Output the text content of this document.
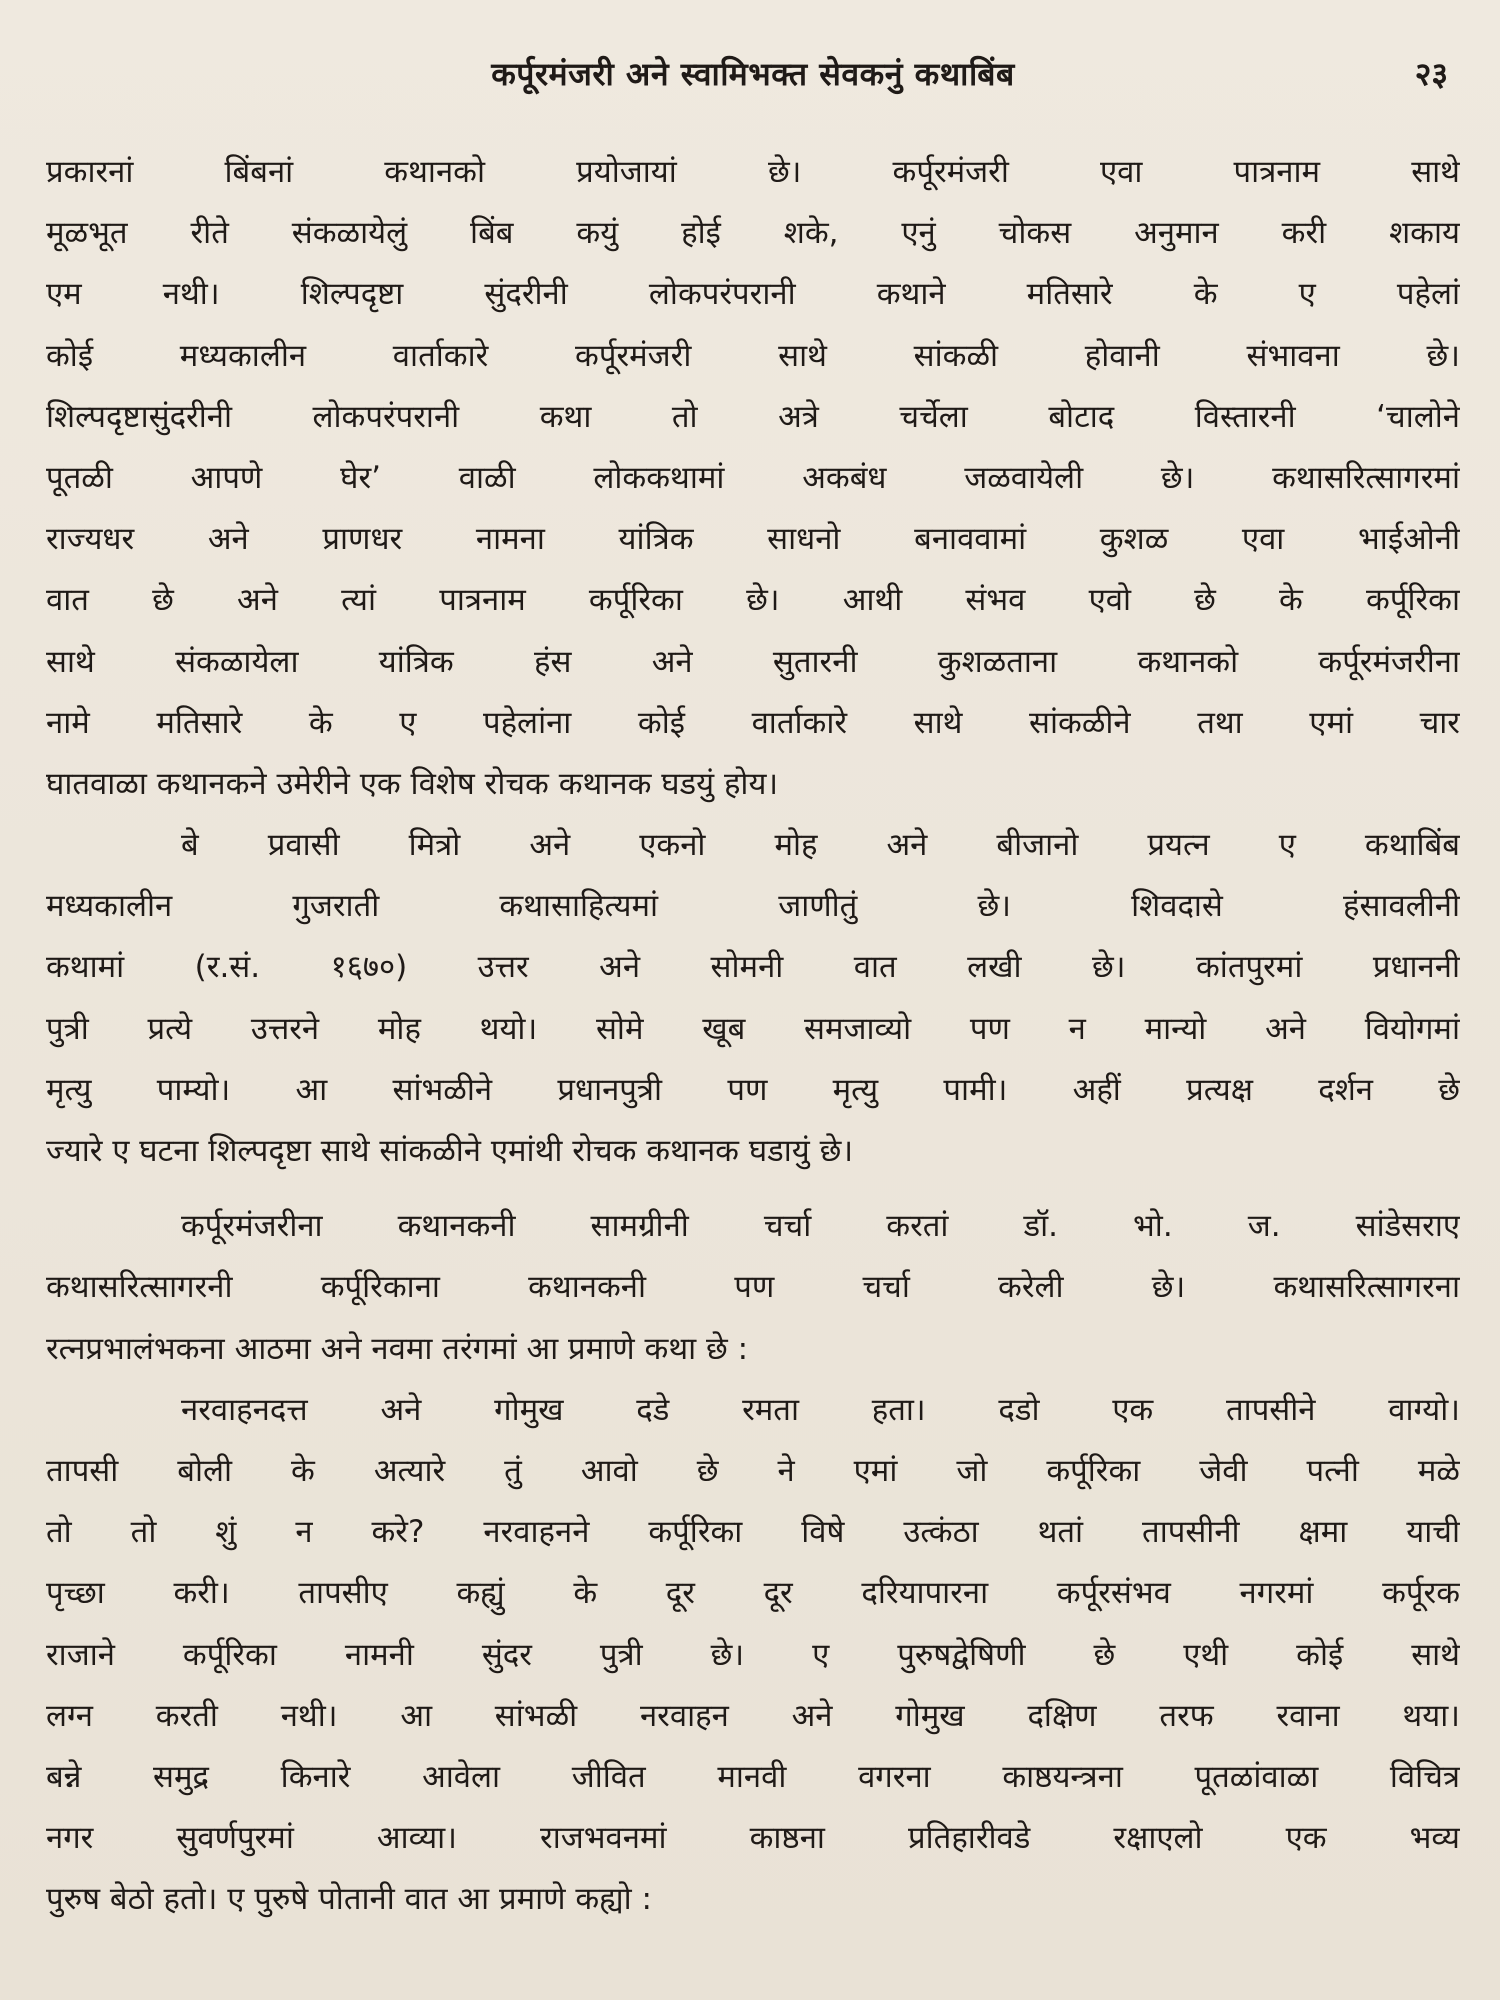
कर्पूरमंजरी अने स्वामिभक्त सेवकनुं कथाबिंब	२३
प्रकारनां बिंबनां कथानको प्रयोजायां छे। कर्पूरमंजरी एवा पात्रनाम साथे
मूळभूत रीते संकळायेलुं बिंब कयुं होई शके, एनुं चोकस अनुमान करी शकाय
एम नथी। शिल्पदृष्टा सुंदरीनी लोकपरंपरानी कथाने मतिसारे के ए पहेलां
कोई मध्यकालीन वार्ताकारे कर्पूरमंजरी साथे सांकळी होवानी संभावना छे।
शिल्पदृष्टासुंदरीनी लोकपरंपरानी कथा तो अत्रे चर्चेला बोटाद विस्तारनी ‘चालोने
पूतळी आपणे घेर’ वाळी लोककथामां अकबंध जळवायेली छे। कथासरित्सागरमां
राज्यधर अने प्राणधर नामना यांत्रिक साधनो बनाववामां कुशळ एवा भाईओनी
वात छे अने त्यां पात्रनाम कर्पूरिका छे। आथी संभव एवो छे के कर्पूरिका
साथे संकळायेला यांत्रिक हंस अने सुतारनी कुशळताना कथानको कर्पूरमंजरीना
नामे मतिसारे के ए पहेलांना कोई वार्ताकारे साथे सांकळीने तथा एमां चार
घातवाळा कथानकने उमेरीने एक विशेष रोचक कथानक घडयुं होय।
बे प्रवासी मित्रो अने एकनो मोह अने बीजानो प्रयत्न ए कथाबिंब
मध्यकालीन गुजराती कथासाहित्यमां जाणीतुं छे। शिवदासे हंसावलीनी
कथामां (र.सं. १६७०) उत्तर अने सोमनी वात लखी छे। कांतपुरमां प्रधाननी
पुत्री प्रत्ये उत्तरने मोह थयो। सोमे खूब समजाव्यो पण न मान्यो अने वियोगमां
मृत्यु पाम्यो। आ सांभळीने प्रधानपुत्री पण मृत्यु पामी। अहीं प्रत्यक्ष दर्शन छे
ज्यारे ए घटना शिल्पदृष्टा साथे सांकळीने एमांथी रोचक कथानक घडायुं छे।
कर्पूरमंजरीना कथानकनी सामग्रीनी चर्चा करतां डॉ. भो. ज. सांडेसराए
कथासरित्सागरनी कर्पूरिकाना कथानकनी पण चर्चा करेली छे। कथासरित्सागरना
रत्नप्रभालंभकना आठमा अने नवमा तरंगमां आ प्रमाणे कथा छे :
नरवाहनदत्त अने गोमुख दडे रमता हता। दडो एक तापसीने वाग्यो।
तापसी बोली के अत्यारे तुं आवो छे ने एमां जो कर्पूरिका जेवी पत्नी मळे
तो तो शुं न करे? नरवाहनने कर्पूरिका विषे उत्कंठा थतां तापसीनी क्षमा याची
पृच्छा करी। तापसीए कह्युं के दूर दूर दरियापारना कर्पूरसंभव नगरमां कर्पूरक
राजाने कर्पूरिका नामनी सुंदर पुत्री छे। ए पुरुषद्वेषिणी छे एथी कोई साथे
लग्न करती नथी। आ सांभळी नरवाहन अने गोमुख दक्षिण तरफ रवाना थया।
बन्ने समुद्र किनारे आवेला जीवित मानवी वगरना काष्ठयन्त्रना पूतळांवाळा विचित्र
नगर सुवर्णपुरमां आव्या। राजभवनमां काष्ठना प्रतिहारीवडे रक्षाएलो एक भव्य
पुरुष बेठो हतो। ए पुरुषे पोतानी वात आ प्रमाणे कह्यो :
